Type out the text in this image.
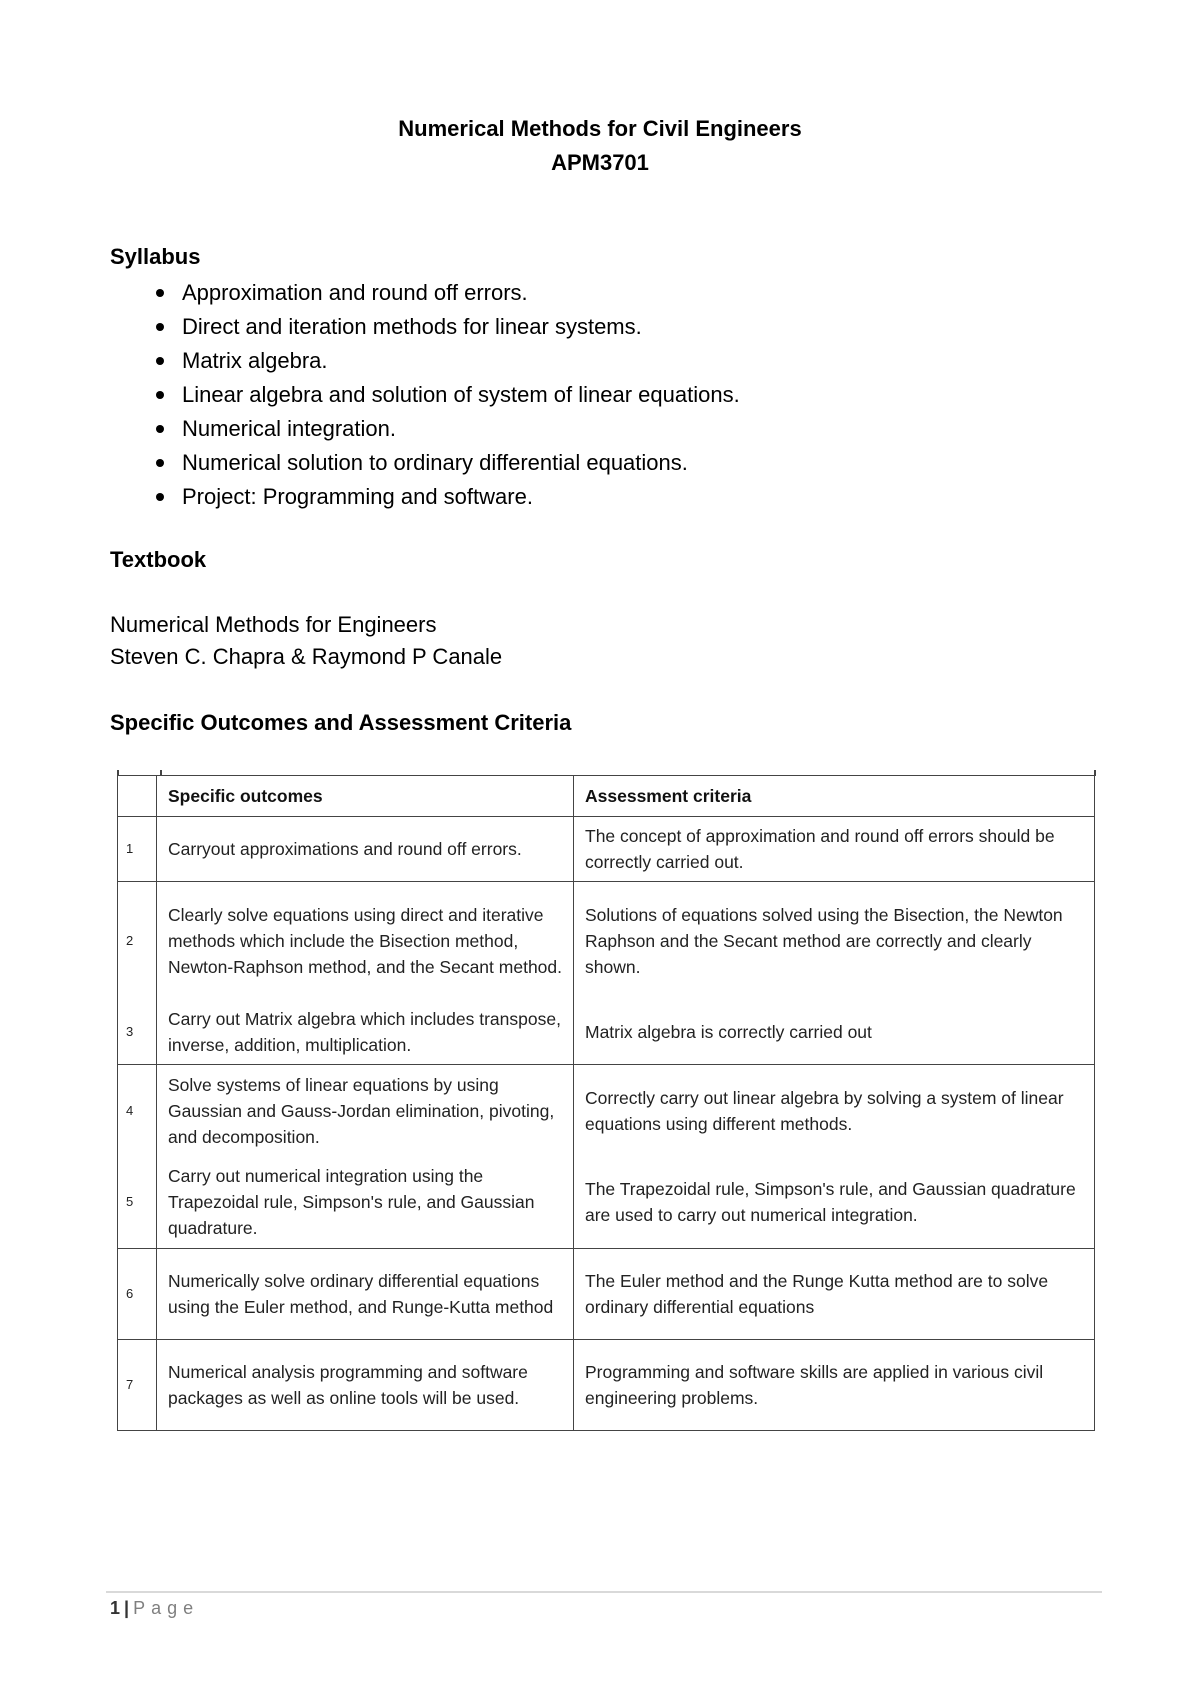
Numerical Methods for Civil Engineers
APM3701
Syllabus
Approximation and round off errors.
Direct and iteration methods for linear systems.
Matrix algebra.
Linear algebra and solution of system of linear equations.
Numerical integration.
Numerical solution to ordinary differential equations.
Project: Programming and software.
Textbook
Numerical Methods for Engineers
Steven C. Chapra & Raymond P Canale
Specific Outcomes and Assessment Criteria
	Specific outcomes	Assessment criteria
1	Carryout approximations and round off errors.	The concept of approximation and round off errors should be correctly carried out.
2	Clearly solve equations using direct and iterative methods which include the Bisection method, Newton-Raphson method, and the Secant method.	Solutions of equations solved using the Bisection, the Newton Raphson and the Secant method are correctly and clearly shown.
3	Carry out Matrix algebra which includes transpose, inverse, addition, multiplication.	Matrix algebra is correctly carried out
4	Solve systems of linear equations by using Gaussian and Gauss-Jordan elimination, pivoting, and decomposition.	Correctly carry out linear algebra by solving a system of linear equations using different methods.
5	Carry out numerical integration using the Trapezoidal rule, Simpson's rule, and Gaussian quadrature.	The Trapezoidal rule, Simpson's rule, and Gaussian quadrature are used to carry out numerical integration.
6	Numerically solve ordinary differential equations using the Euler method, and Runge-Kutta method	The Euler method and the Runge Kutta method are to solve ordinary differential equations
7	Numerical analysis programming and software packages as well as online tools will be used.	Programming and software skills are applied in various civil engineering problems.
1 | Page
